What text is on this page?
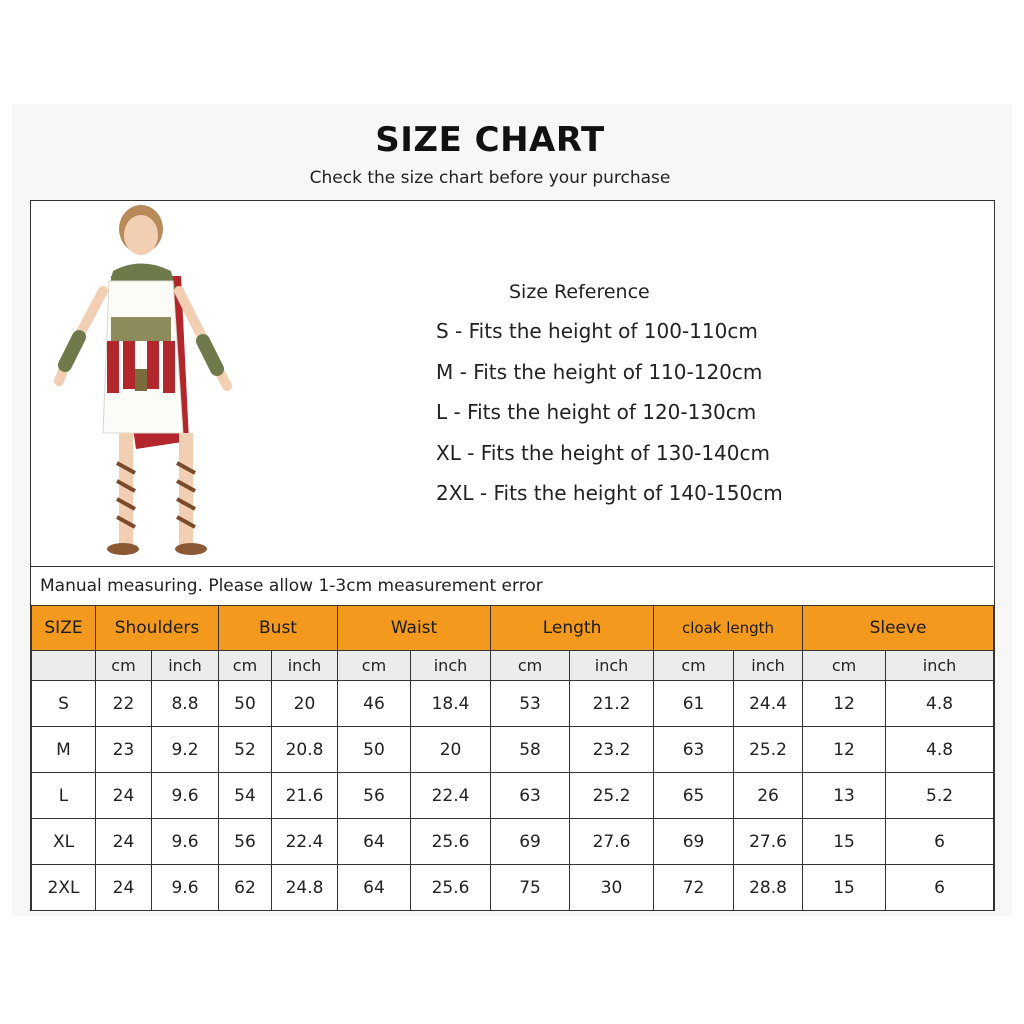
SIZE CHART
Check the size chart before your purchase
Size Reference
S - Fits the height of 100-110cm
M - Fits the height of 110-120cm
L - Fits the height of 120-130cm
XL - Fits the height of 130-140cm
2XL - Fits the height of 140-150cm
Manual measuring. Please allow 1-3cm measurement error
SIZE	Shoulders		Bust		Waist		Length		cloak length		Sleeve	
	cm	inch	cm	inch	cm	inch	cm	inch	cm	inch	cm	inch
S	22	8.8	50	20	46	18.4	53	21.2	61	24.4	12	4.8
M	23	9.2	52	20.8	50	20	58	23.2	63	25.2	12	4.8
L	24	9.6	54	21.6	56	22.4	63	25.2	65	26	13	5.2
XL	24	9.6	56	22.4	64	25.6	69	27.6	69	27.6	15	6
2XL	24	9.6	62	24.8	64	25.6	75	30	72	28.8	15	6
